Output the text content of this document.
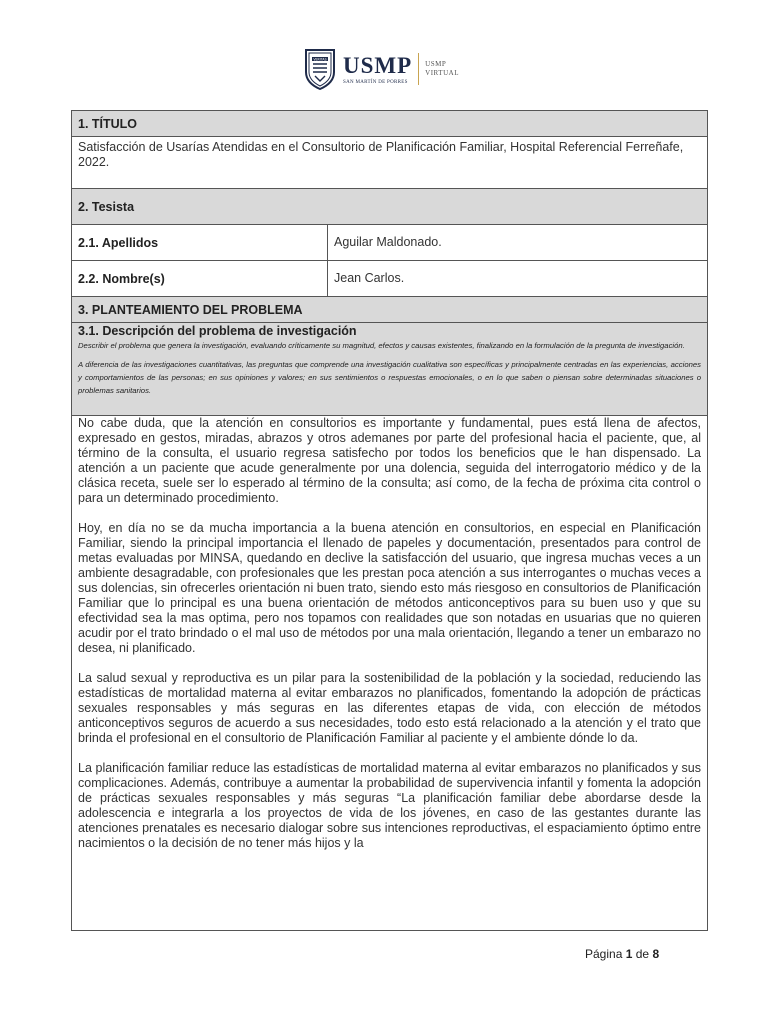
VERITAS USMP
SAN MARTÍN DE PORRES
USMP
VIRTUAL
1. TÍTULO	
Satisfacción de Usarías Atendidas en el Consultorio de Planificación Familiar, Hospital Referencial Ferreñafe, 2022.	
2. Tesista	
2.1. Apellidos	Aguilar Maldonado.
2.2. Nombre(s)	Jean Carlos.
3. PLANTEAMIENTO DEL PROBLEMA	

3.1. Descripción del problema de investigación

Describir el problema que genera la investigación, evaluando críticamente su magnitud, efectos y causas existentes, finalizando en la formulación de la pregunta de investigación.

A diferencia de las investigaciones cuantitativas, las preguntas que comprende una investigación cualitativa son específicas y principalmente centradas en las experiencias, acciones y comportamientos de las personas; en sus opiniones y valores; en sus sentimientos o respuestas emocionales, o en lo que saben o piensan sobre determinadas situaciones o problemas sanitarios.	

No cabe duda, que la atención en consultorios es importante y fundamental, pues está llena de afectos, expresado en gestos, miradas, abrazos y otros ademanes por parte del profesional hacia el paciente, que, al término de la consulta, el usuario regresa satisfecho por todos los beneficios que le han dispensado. La atención a un paciente que acude generalmente por una dolencia, seguida del interrogatorio médico y de la clásica receta, suele ser lo esperado al término de la consulta; así como, de la fecha de próxima cita control o para un determinado procedimiento.

Hoy, en día no se da mucha importancia a la buena atención en consultorios, en especial en Planificación Familiar, siendo la principal importancia el llenado de papeles y documentación, presentados para control de metas evaluadas por MINSA, quedando en declive la satisfacción del usuario, que ingresa muchas veces a un ambiente desagradable, con profesionales que les prestan poca atención a sus interrogantes o muchas veces a sus dolencias, sin ofrecerles orientación ni buen trato, siendo esto más riesgoso en consultorios de Planificación Familiar que lo principal es una buena orientación de métodos anticonceptivos para su buen uso y que su efectividad sea la mas optima, pero nos topamos con realidades que son notadas en usuarias que no quieren acudir por el trato brindado o el mal uso de métodos por una mala orientación, llegando a tener un embarazo no desea, ni planificado.

La salud sexual y reproductiva es un pilar para la sostenibilidad de la población y la sociedad, reduciendo las estadísticas de mortalidad materna al evitar embarazos no planificados, fomentando la adopción de prácticas sexuales responsables y más seguras en las diferentes etapas de vida, con elección de métodos anticonceptivos seguros de acuerdo a sus necesidades, todo esto está relacionado a la atención y el trato que brinda el profesional en el consultorio de Planificación Familiar al paciente y el ambiente dónde lo da.

La planificación familiar reduce las estadísticas de mortalidad materna al evitar embarazos no planificados y sus complicaciones. Además, contribuye a aumentar la probabilidad de supervivencia infantil y fomenta la adopción de prácticas sexuales responsables y más seguras “La planificación familiar debe abordarse desde la adolescencia e integrarla a los proyectos de vida de los jóvenes, en caso de las gestantes durante las atenciones prenatales es necesario dialogar sobre sus intenciones reproductivas, el espaciamiento óptimo entre nacimientos o la decisión de no tener más hijos y la	

Página 1 de 8
